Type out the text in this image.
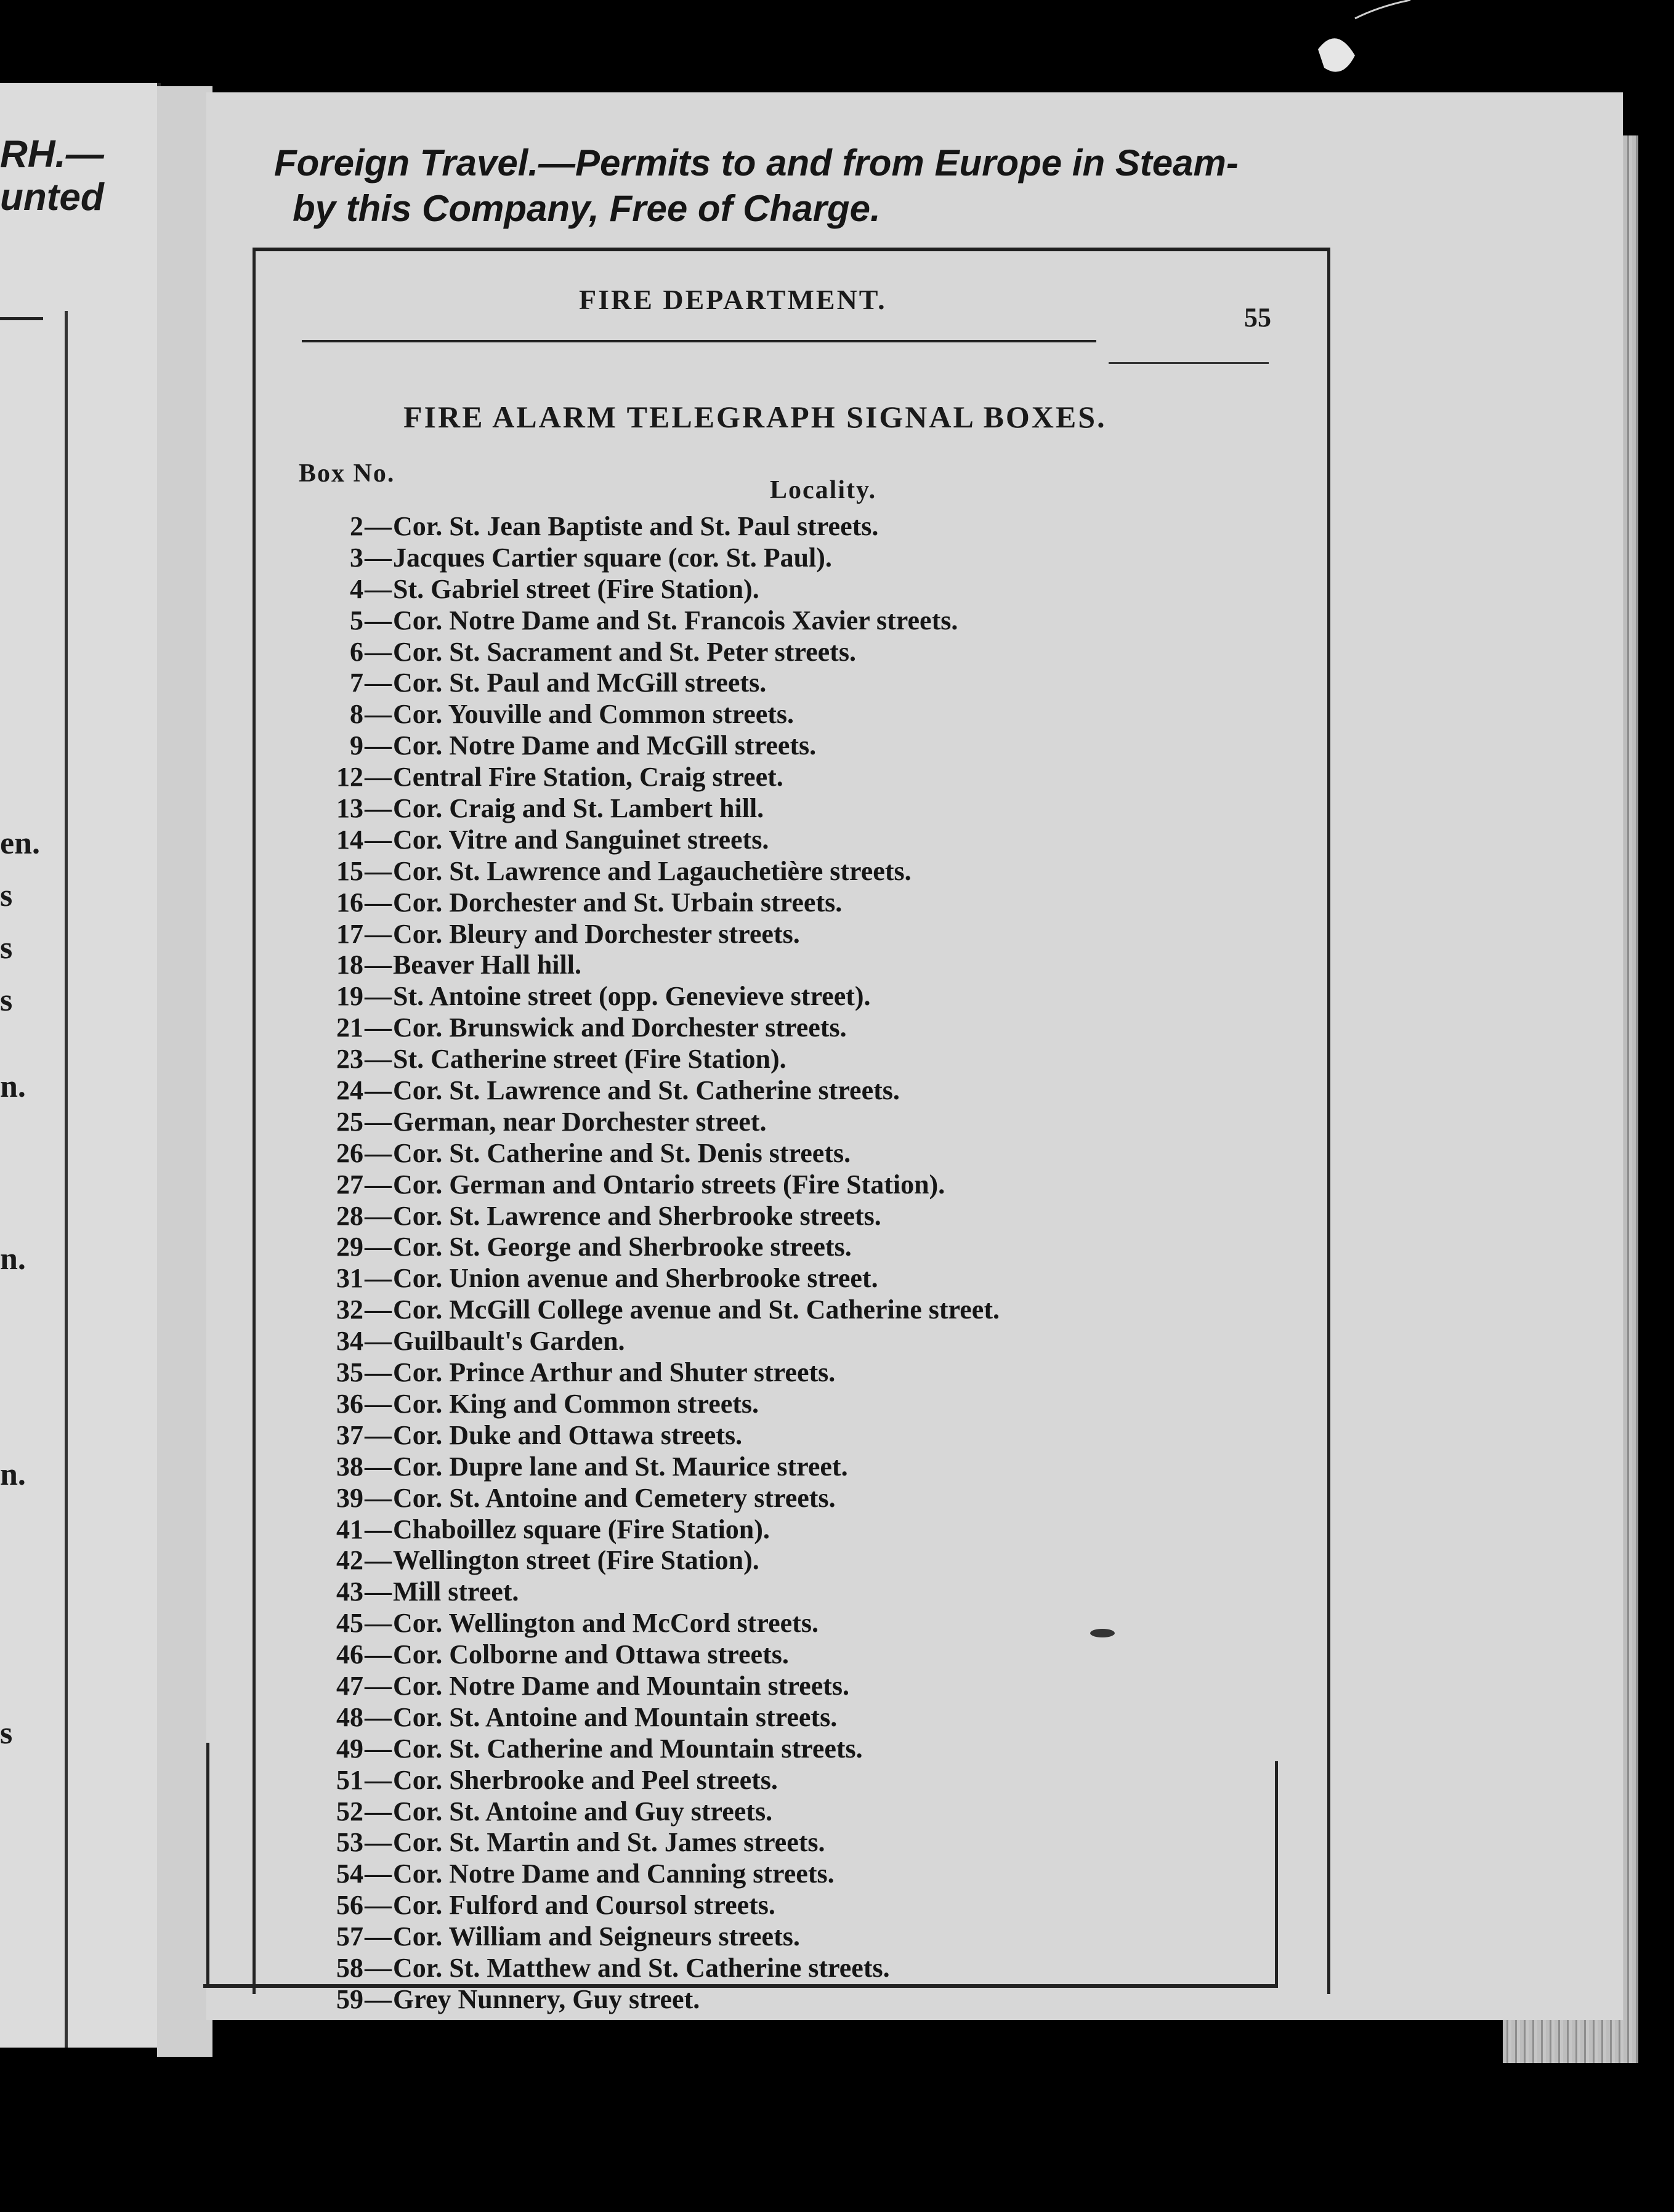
RH.—
unted
en.
s
s
s
n.
n.
n.
s
Foreign Travel.—Permits to and from Europe in Steam-
by this Company, Free of Charge.
FIRE DEPARTMENT.
55
FIRE ALARM TELEGRAPH SIGNAL BOXES.
Box No.
Locality.
2 — Cor. St. Jean Baptiste and St. Paul streets.
3 — Jacques Cartier square (cor. St. Paul).
4 — St. Gabriel street (Fire Station).
5 — Cor. Notre Dame and St. Francois Xavier streets.
6 — Cor. St. Sacrament and St. Peter streets.
7 — Cor. St. Paul and McGill streets.
8 — Cor. Youville and Common streets.
9 — Cor. Notre Dame and McGill streets.
12 — Central Fire Station, Craig street.
13 — Cor. Craig and St. Lambert hill.
14 — Cor. Vitre and Sanguinet streets.
15 — Cor. St. Lawrence and Lagauchetière streets.
16 — Cor. Dorchester and St. Urbain streets.
17 — Cor. Bleury and Dorchester streets.
18 — Beaver Hall hill.
19 — St. Antoine street (opp. Genevieve street).
21 — Cor. Brunswick and Dorchester streets.
23 — St. Catherine street (Fire Station).
24 — Cor. St. Lawrence and St. Catherine streets.
25 — German, near Dorchester street.
26 — Cor. St. Catherine and St. Denis streets.
27 — Cor. German and Ontario streets (Fire Station).
28 — Cor. St. Lawrence and Sherbrooke streets.
29 — Cor. St. George and Sherbrooke streets.
31 — Cor. Union avenue and Sherbrooke street.
32 — Cor. McGill College avenue and St. Catherine street.
34 — Guilbault's Garden.
35 — Cor. Prince Arthur and Shuter streets.
36 — Cor. King and Common streets.
37 — Cor. Duke and Ottawa streets.
38 — Cor. Dupre lane and St. Maurice street.
39 — Cor. St. Antoine and Cemetery streets.
41 — Chaboillez square (Fire Station).
42 — Wellington street (Fire Station).
43 — Mill street.
45 — Cor. Wellington and McCord streets.
46 — Cor. Colborne and Ottawa streets.
47 — Cor. Notre Dame and Mountain streets.
48 — Cor. St. Antoine and Mountain streets.
49 — Cor. St. Catherine and Mountain streets.
51 — Cor. Sherbrooke and Peel streets.
52 — Cor. St. Antoine and Guy streets.
53 — Cor. St. Martin and St. James streets.
54 — Cor. Notre Dame and Canning streets.
56 — Cor. Fulford and Coursol streets.
57 — Cor. William and Seigneurs streets.
58 — Cor. St. Matthew and St. Catherine streets.
59 — Grey Nunnery, Guy street.
